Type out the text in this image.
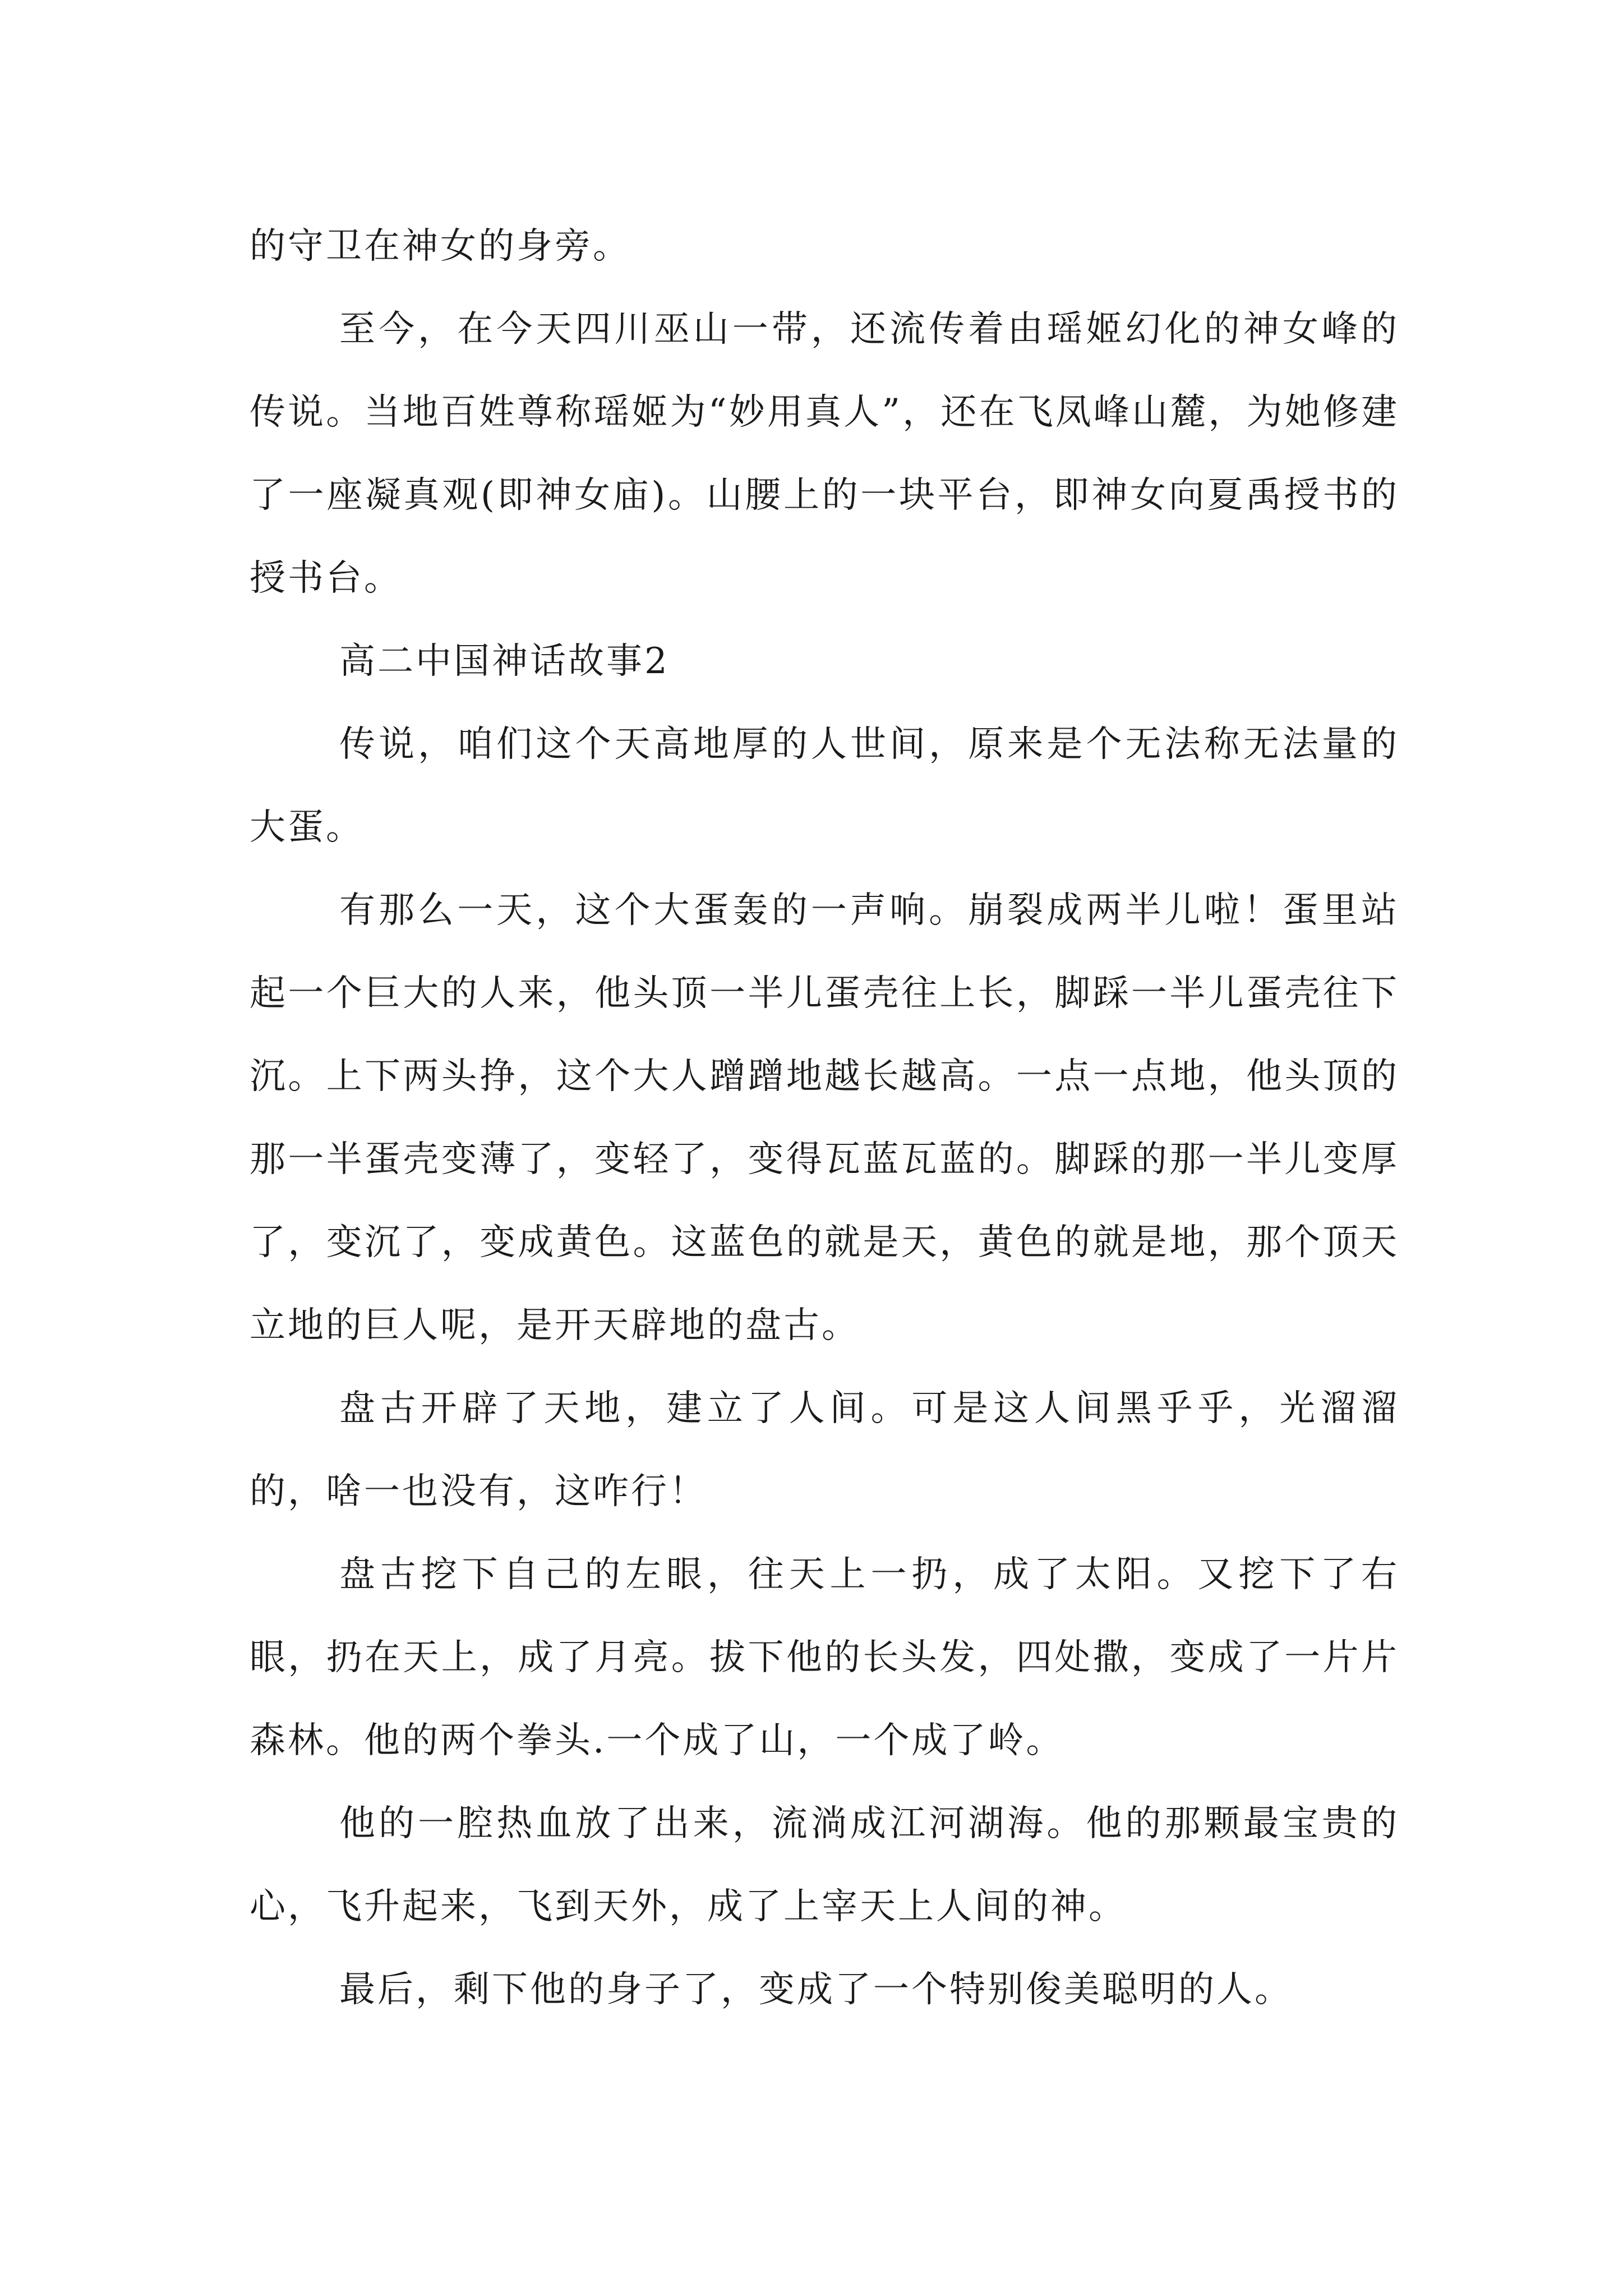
的守卫在神女的身旁。

至今，在今天四川巫山一带，还流传着由瑶姬幻化的神女峰的传说。当地百姓尊称瑶姬为“妙用真人”，还在飞凤峰山麓，为她修建了一座凝真观(即神女庙)。山腰上的一块平台，即神女向夏禹授书的授书台。

高二中国神话故事2

传说，咱们这个天高地厚的人世间，原来是个无法称无法量的大蛋。

有那么一天，这个大蛋轰的一声响。崩裂成两半儿啦！蛋里站起一个巨大的人来，他头顶一半儿蛋壳往上长，脚踩一半儿蛋壳往下沉。上下两头挣，这个大人蹭蹭地越长越高。一点一点地，他头顶的那一半蛋壳变薄了，变轻了，变得瓦蓝瓦蓝的。脚踩的那一半儿变厚了，变沉了，变成黄色。这蓝色的就是天，黄色的就是地，那个顶天立地的巨人呢，是开天辟地的盘古。

盘古开辟了天地，建立了人间。可是这人间黑乎乎，光溜溜的，啥一也没有，这咋行！

盘古挖下自己的左眼，往天上一扔，成了太阳。又挖下了右眼，扔在天上，成了月亮。拔下他的长头发，四处撒，变成了一片片森林。他的两个拳头.一个成了山，一个成了岭。

他的一腔热血放了出来，流淌成江河湖海。他的那颗最宝贵的心，飞升起来，飞到天外，成了上宰天上人间的神。

最后，剩下他的身子了，变成了一个特别俊美聪明的人。
